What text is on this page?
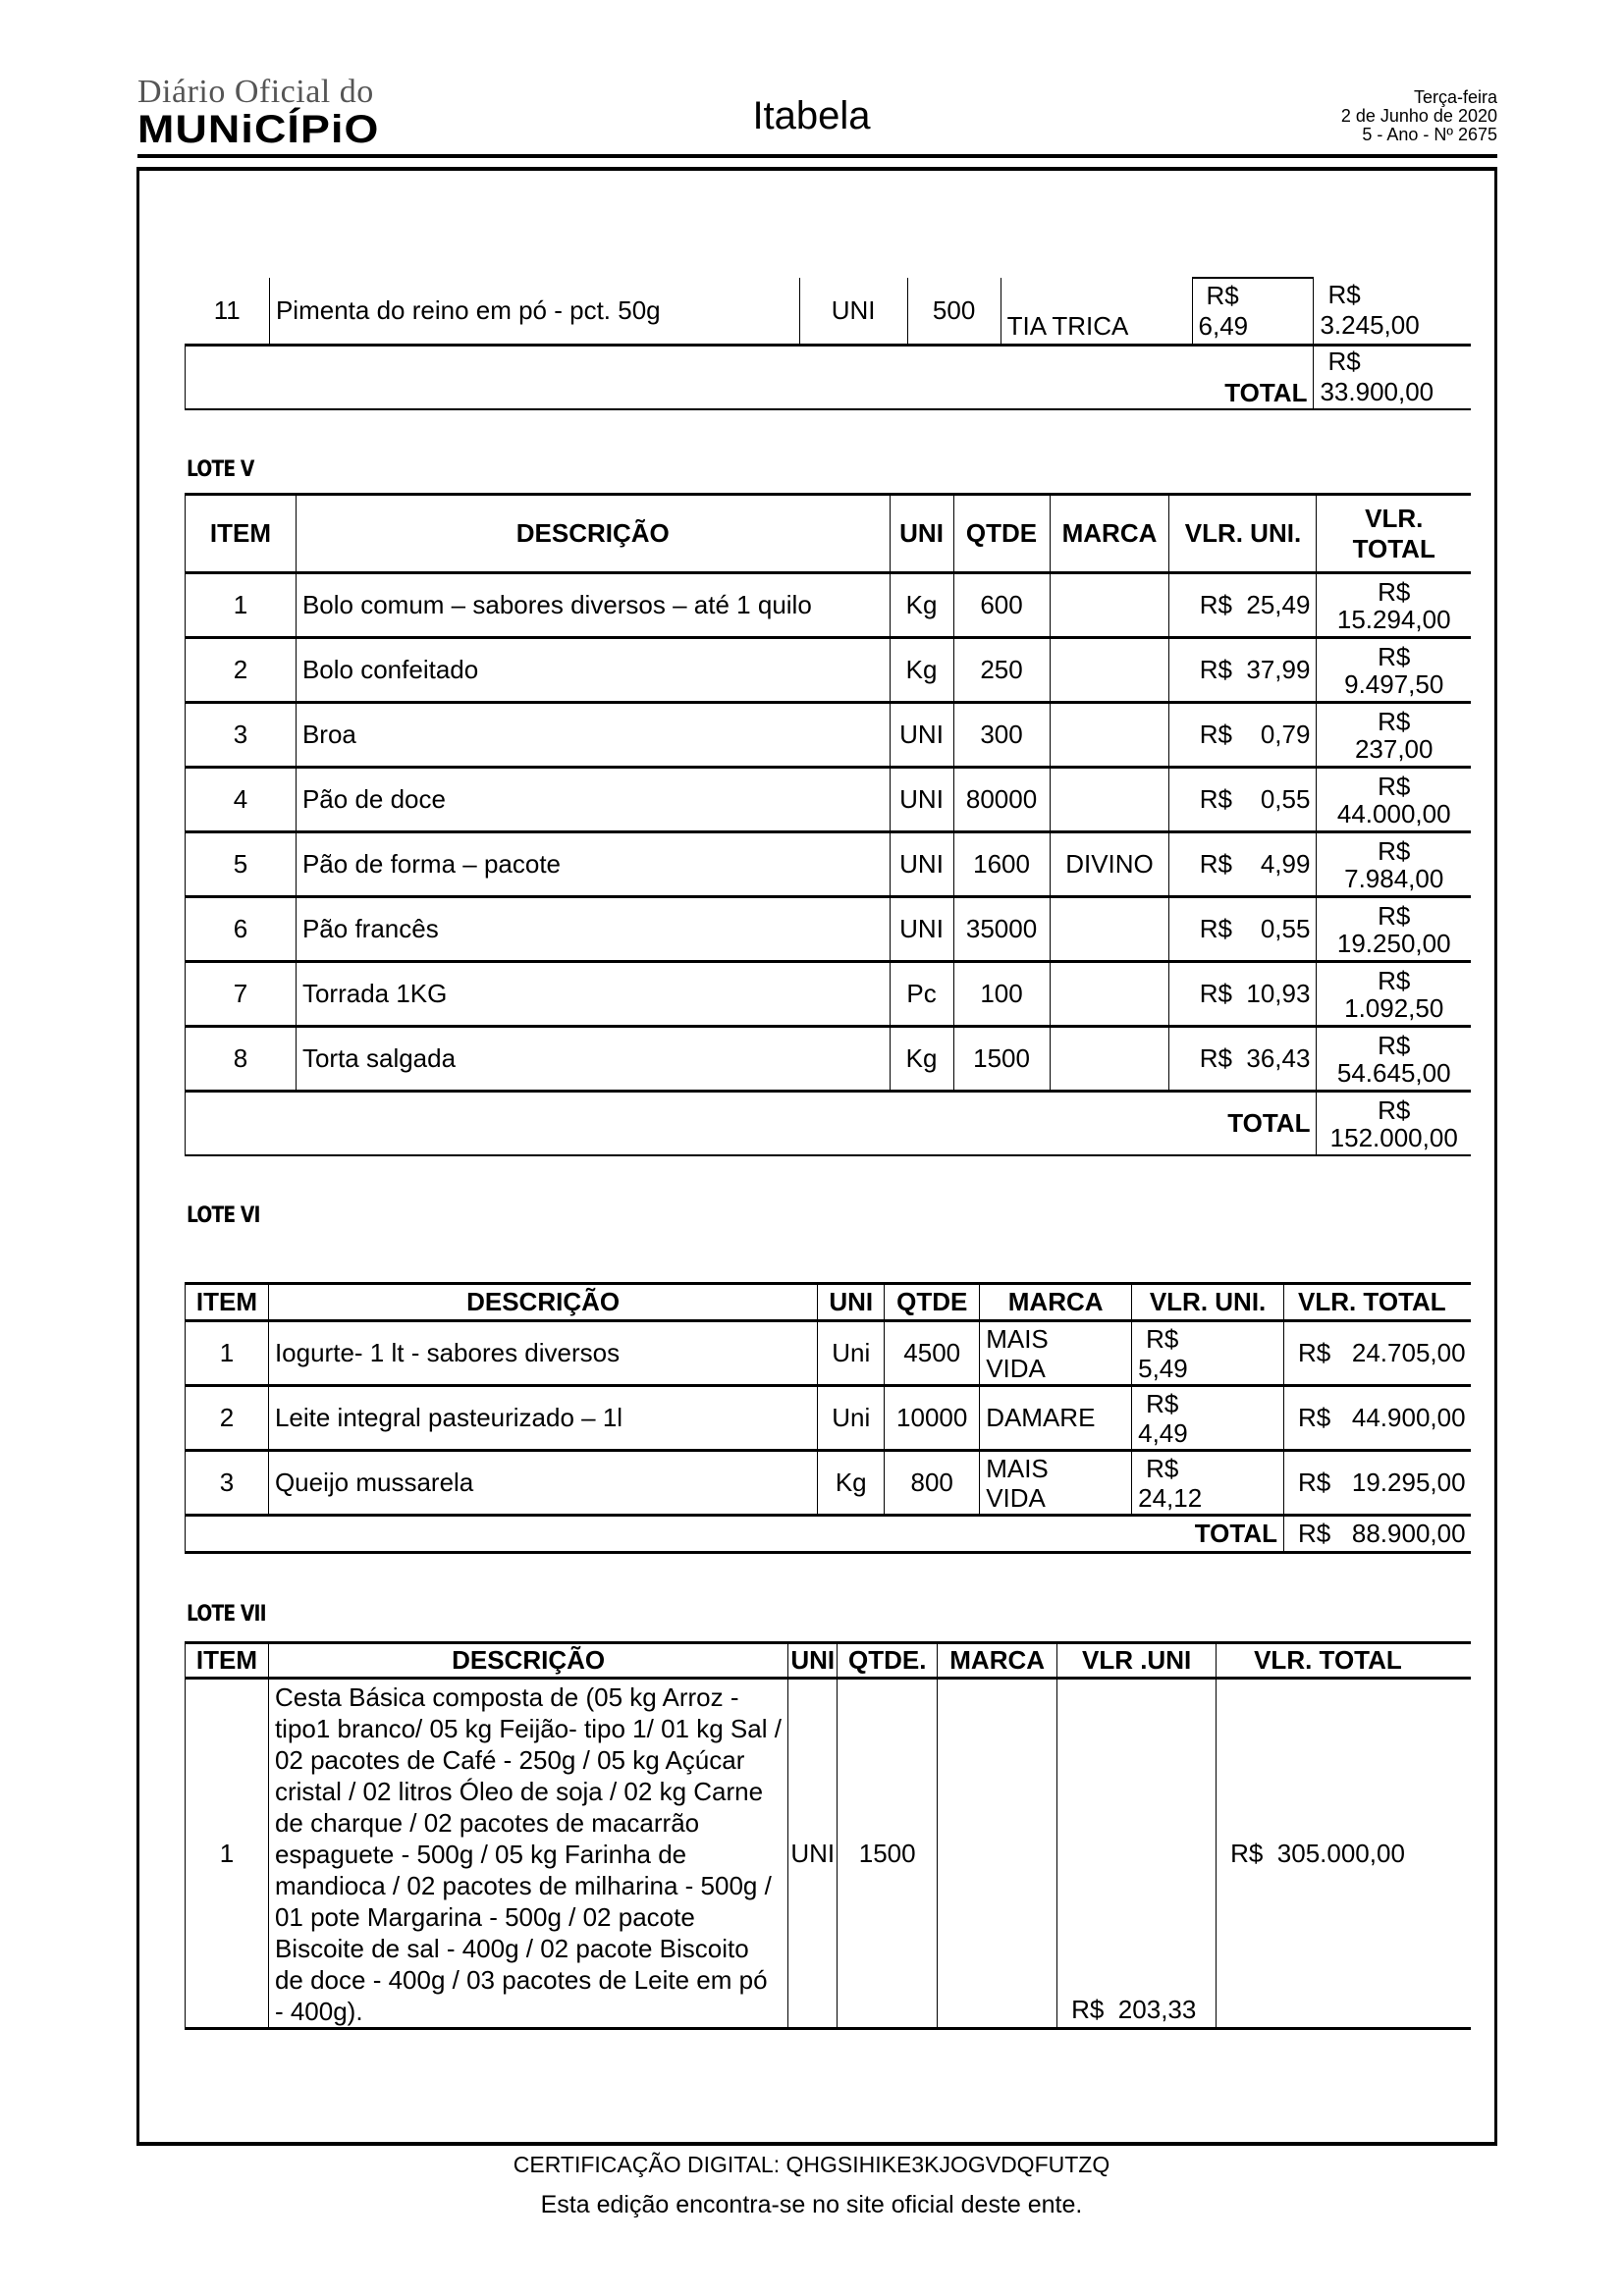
Diário Oficial do
MUNiCÍPiO	Itabela	Terça-feira
2 de Junho de 2020
5 - Ano - Nº 2675
11	Pimenta do reino em pó - pct. 50g	UNI	500	TIA TRICA	R$
6,49	R$
3.245,00

TOTAL						R$
33.900,00
LOTE V
ITEM	DESCRIÇÃO	UNI	QTDE	MARCA	VLR. UNI.	VLR.
TOTAL

1	Bolo comum – sabores diversos – até 1 quilo	Kg	600		R$  25,49	R$
15.294,00

2	Bolo confeitado	Kg	250		R$  37,99	R$
9.497,50

3	Broa	UNI	300		R$    0,79	R$
237,00

4	Pão de doce	UNI	80000		R$    0,55	R$
44.000,00

5	Pão de forma – pacote	UNI	1600	DIVINO	R$    4,99	R$
7.984,00

6	Pão francês	UNI	35000		R$    0,55	R$
19.250,00

7	Torrada 1KG	Pc	100		R$  10,93	R$
1.092,50

8	Torta salgada	Kg	1500		R$  36,43	R$
54.645,00

TOTAL						R$
152.000,00
LOTE VI
ITEM	DESCRIÇÃO	UNI	QTDE	MARCA	VLR. UNI.	VLR. TOTAL
1	Iogurte- 1 lt - sabores diversos	Uni	4500	MAIS
VIDA	R$
5,49	R$   24.705,00
2	Leite integral pasteurizado – 1l	Uni	10000	DAMARE	R$
4,49	R$   44.900,00
3	Queijo mussarela	Kg	800	MAIS
VIDA	R$
24,12	R$   19.295,00
TOTAL						R$   88.900,00
LOTE VII
ITEM	DESCRIÇÃO	UNI	QTDE.	MARCA	VLR .UNI	VLR. TOTAL
1	Cesta Básica composta de (05 kg Arroz - tipo1 branco/ 05 kg Feijão- tipo 1/ 01 kg Sal / 02 pacotes de Café - 250g / 05 kg Açúcar cristal / 02 litros Óleo de soja / 02 kg Carne de charque / 02 pacotes de macarrão espaguete - 500g / 05 kg Farinha de mandioca / 02 pacotes de milharina - 500g / 01 pote Margarina - 500g / 02 pacote Biscoite de sal - 400g / 02 pacote Biscoito de doce - 400g / 03 pacotes de Leite em pó - 400g).	UNI	1500		R$  203,33	R$  305.000,00
CERTIFICAÇÃO DIGITAL: QHGSIHIKE3KJOGVDQFUTZQ
Esta edição encontra-se no site oficial deste ente.
